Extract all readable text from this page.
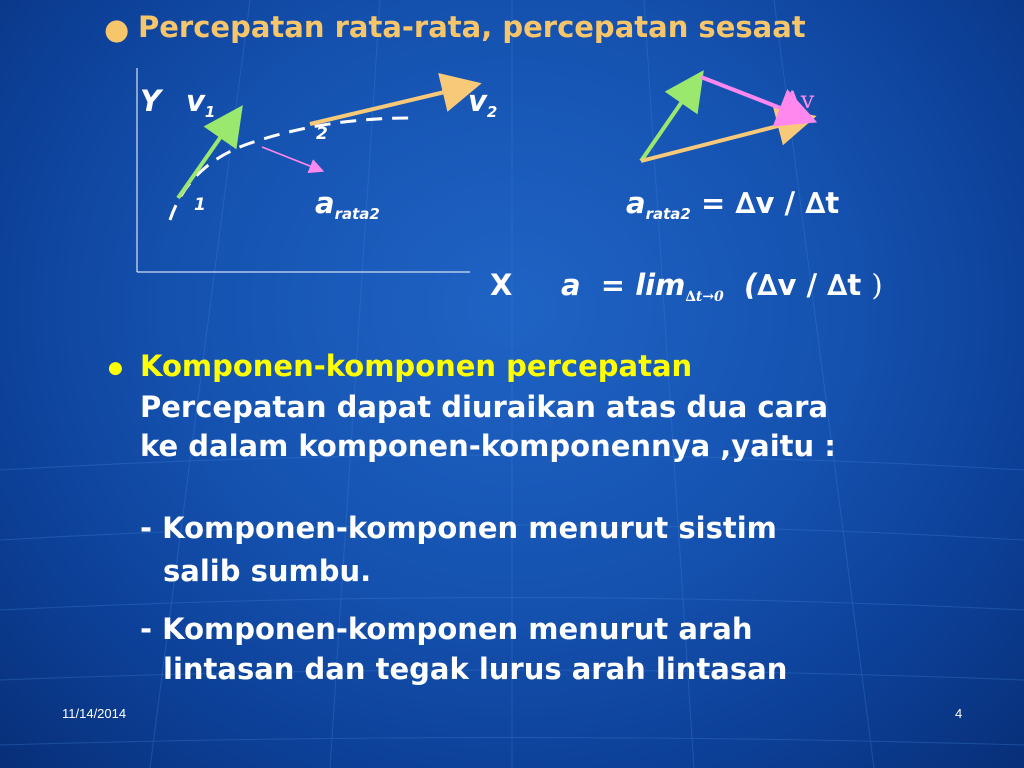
● Percepatan rata-rata, percepatan sesaat
Y $v_1$	$v_2$
2
1	$a_{rata2}$
∆v
$a_{rata2} = \Delta v / \Delta t$
X $a = \lim_{\Delta t\to 0} (\Delta v / \Delta t$ )
● Komponen-komponen percepatan
Percepatan dapat diuraikan atas dua cara
ke dalam komponen-komponennya ,yaitu :
- Komponen-komponen menurut sistim
salib sumbu.
- Komponen-komponen menurut arah
lintasan dan tegak lurus arah lintasan
11/14/2014	4
